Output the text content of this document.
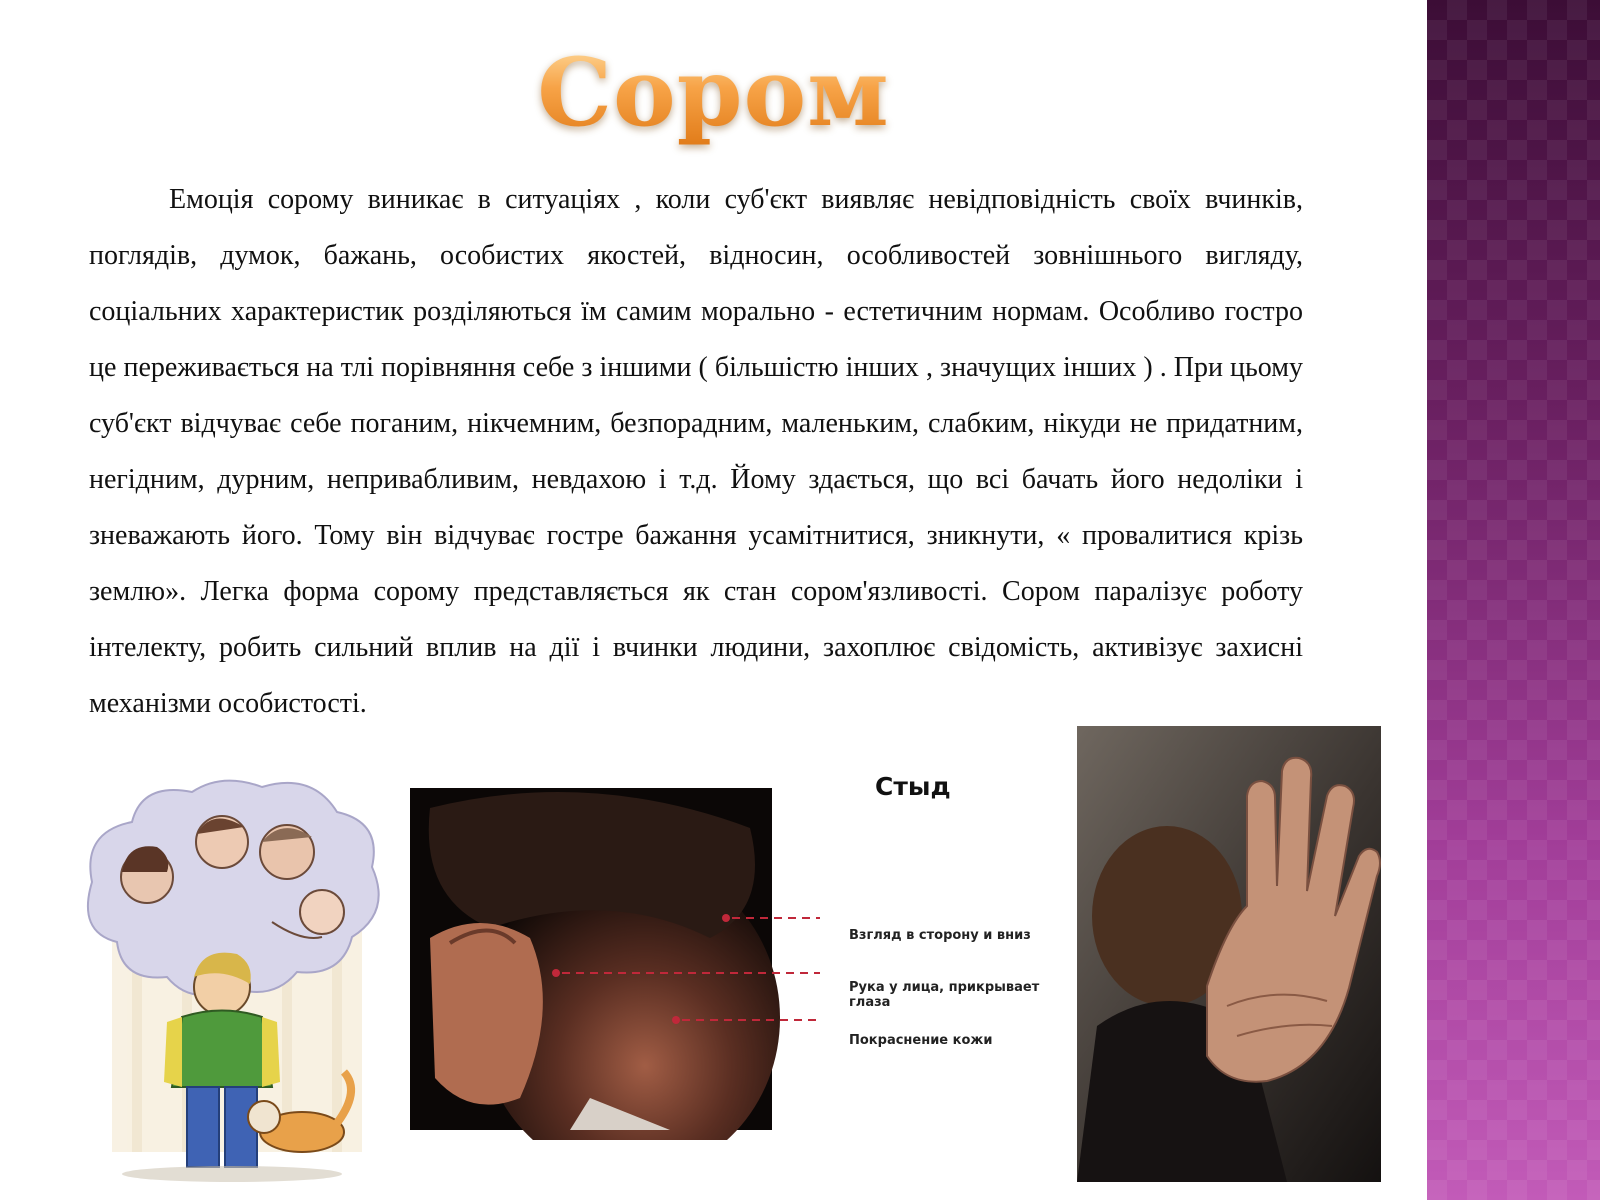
Сором

Емоція сорому виникає в ситуаціях , коли суб'єкт виявляє невідповідність своїх вчинків, поглядів, думок, бажань, особистих якостей, відносин, особливостей зовнішнього вигляду, соціальних характеристик розділяються їм самим морально - естетичним нормам. Особливо гостро це переживається на тлі порівняння себе з іншими ( більшістю інших , значущих інших ) . При цьому суб'єкт відчуває себе поганим, нікчемним, безпорадним, маленьким, слабким, нікуди не придатним, негідним, дурним, непривабливим, невдахою і т.д. Йому здається, що всі бачать його недоліки і зневажають його. Тому він відчуває гостре бажання усамітнитися, зникнути, « провалитися крізь землю». Легка форма сорому представляється як стан сором'язливості. Сором паралізує роботу інтелекту, робить сильний вплив на дії і вчинки людини, захоплює свідомість, активізує захисні механізми особистості.

Стыд
Взгляд в сторону и вниз
Рука у лица, прикрывает глаза
Покраснение кожи
